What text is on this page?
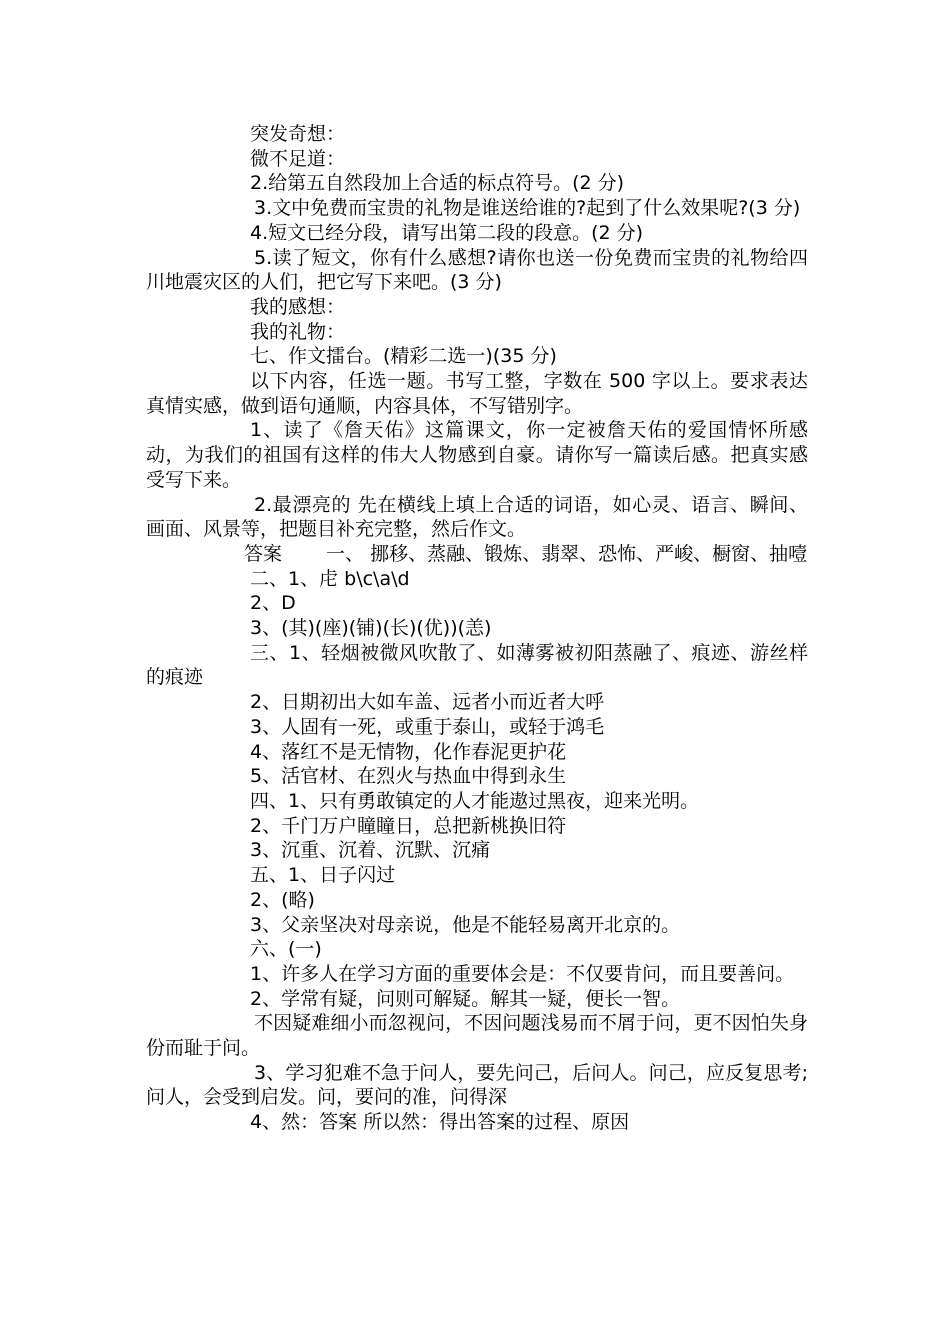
突发奇想：

微不足道：

2.给第五自然段加上合适的标点符号。(2 分)

3.文中免费而宝贵的礼物是谁送给谁的?起到了什么效果呢?(3 分)

4.短文已经分段，请写出第二段的段意。(2 分)

5.读了短文，你有什么感想?请你也送一份免费而宝贵的礼物给四川地震灾区的人们，把它写下来吧。(3 分)

我的感想：

我的礼物：

七、作文擂台。(精彩二选一)(35 分)

以下内容，任选一题。书写工整，字数在 500 字以上。要求表达真情实感，做到语句通顺，内容具体，不写错别字。

1、读了《詹天佑》这篇课文，你一定被詹天佑的爱国情怀所感动，为我们的祖国有这样的伟大人物感到自豪。请你写一篇读后感。把真实感受写下来。

2.最漂亮的 先在横线上填上合适的词语，如心灵、语言、瞬间、画面、风景等，把题目补充完整，然后作文。

答案　　 一、 挪移、蒸融、锻炼、翡翠、恐怖、严峻、橱窗、抽噎

二、1、虍 b\c\a\d

2、D

3、(其)(座)(铺)(长)(优))(恙)

三、1、轻烟被微风吹散了、如薄雾被初阳蒸融了、痕迹、游丝样的痕迹

2、日期初出大如车盖、远者小而近者大呼

3、人固有一死，或重于泰山，或轻于鸿毛

4、落红不是无情物，化作春泥更护花

5、活官材、在烈火与热血中得到永生

四、1、只有勇敢镇定的人才能遨过黑夜，迎来光明。

2、千门万户瞳瞳日，总把新桃换旧符

3、沉重、沉着、沉默、沉痛

五、1、日子闪过

2、(略)

3、父亲坚决对母亲说，他是不能轻易离开北京的。

六、(一)

1、许多人在学习方面的重要体会是：不仅要肯问，而且要善问。

2、学常有疑，问则可解疑。解其一疑，便长一智。

不因疑难细小而忽视问，不因问题浅易而不屑于问，更不因怕失身份而耻于问。

3、学习犯难不急于问人，要先问己，后问人。问己，应反复思考;问人，会受到启发。问，要问的准，问得深

4、然：答案 所以然：得出答案的过程、原因
